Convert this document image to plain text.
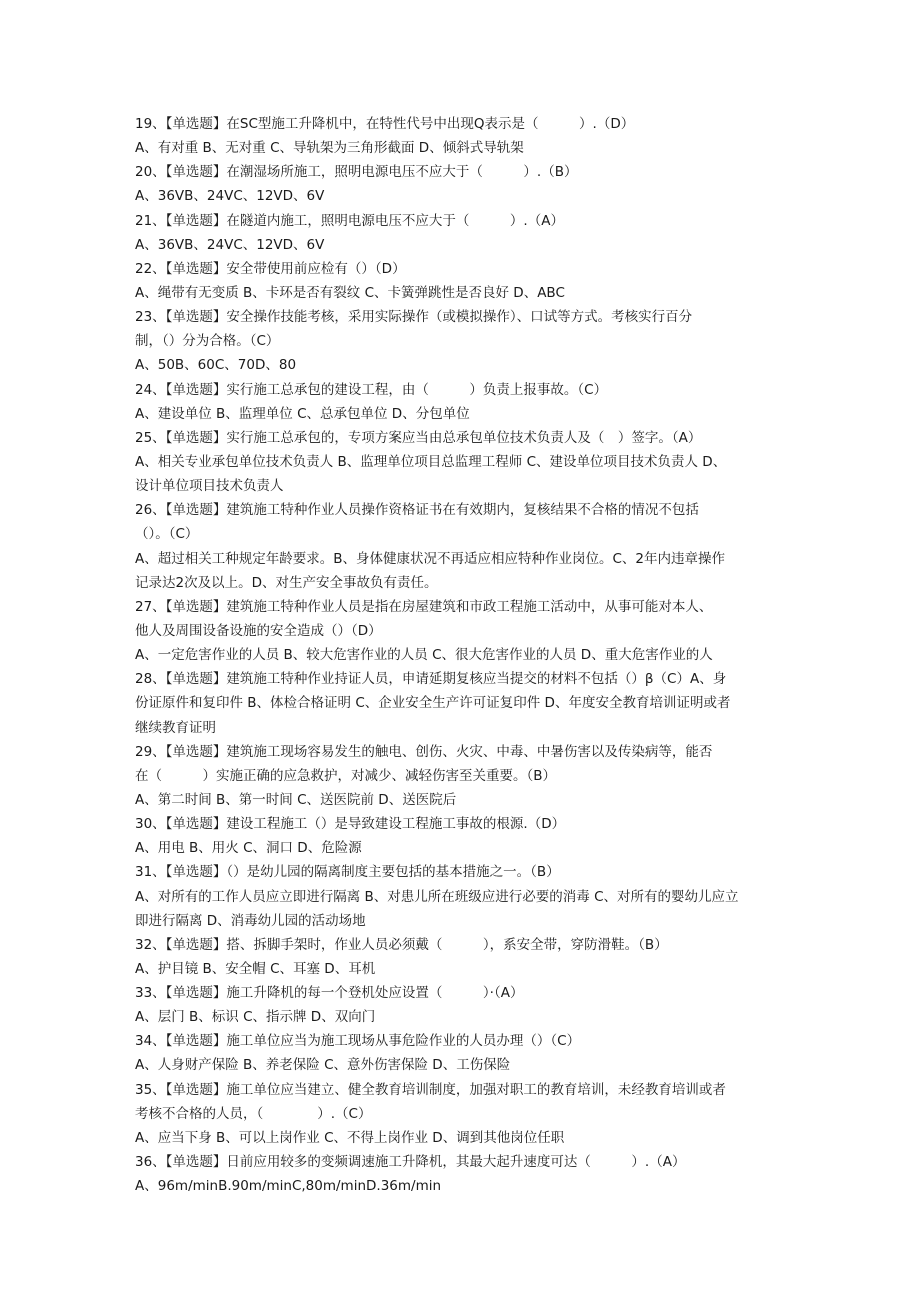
19、【单选题】在SC型施工升降机中，在特性代号中出现Q表示是（　　　）.（D）
A、有对重 B、无对重 C、导轨架为三角形截面 D、倾斜式导轨架
20、【单选题】在潮湿场所施工，照明电源电压不应大于（　　　）.（B）
A、36VB、24VC、12VD、6V
21、【单选题】在隧道内施工，照明电源电压不应大于（　　　）.（A）
A、36VB、24VC、12VD、6V
22、【单选题】安全带使用前应检有（）（D）
A、绳带有无变质 B、卡环是否有裂纹 C、卡簧弹跳性是否良好 D、ABC
23、【单选题】安全操作技能考核，采用实际操作（或模拟操作）、口试等方式。考核实行百分
制，（）分为合格。（C）
A、50B、60C、70D、80
24、【单选题】实行施工总承包的建设工程，由（　　　）负责上报事故。（C）
A、建设单位 B、监理单位 C、总承包单位 D、分包单位
25、【单选题】实行施工总承包的，专项方案应当由总承包单位技术负责人及（　）签字。（A）
A、相关专业承包单位技术负责人 B、监理单位项目总监理工程师 C、建设单位项目技术负责人 D、
设计单位项目技术负责人
26、【单选题】建筑施工特种作业人员操作资格证书在有效期内，复核结果不合格的情况不包括
（）。（C）
A、超过相关工种规定年龄要求。B、身体健康状况不再适应相应特种作业岗位。C、2年内违章操作
记录达2次及以上。D、对生产安全事故负有责任。
27、【单选题】建筑施工特种作业人员是指在房屋建筑和市政工程施工活动中，从事可能对本人、
他人及周围设备设施的安全造成（）（D）
A、一定危害作业的人员 B、较大危害作业的人员 C、很大危害作业的人员 D、重大危害作业的人
28、【单选题】建筑施工特种作业持证人员，申请延期复核应当提交的材料不包括（）β（C）A、身
份证原件和复印件 B、体检合格证明 C、企业安全生产许可证复印件 D、年度安全教育培训证明或者
继续教育证明
29、【单选题】建筑施工现场容易发生的触电、创伤、火灾、中毒、中暑伤害以及传染病等，能否
在（　　　）实施正确的应急救护，对减少、减轻伤害至关重要。（B）
A、第二时间 B、第一时间 C、送医院前 D、送医院后
30、【单选题】建设工程施工（）是导致建设工程施工事故的根源.（D）
A、用电 B、用火 C、洞口 D、危险源
31、【单选题】（）是幼儿园的隔离制度主要包括的基本措施之一。（B）
A、对所有的工作人员应立即进行隔离 B、对患儿所在班级应进行必要的消毒 C、对所有的婴幼儿应立
即进行隔离 D、消毒幼儿园的活动场地
32、【单选题】搭、拆脚手架时，作业人员必须戴（　　　），系安全带，穿防滑鞋。（B）
A、护目镜 B、安全帽 C、耳塞 D、耳机
33、【单选题】施工升降机的每一个登机处应设置（　　　）·（A）
A、层门 B、标识 C、指示牌 D、双向门
34、【单选题】施工单位应当为施工现场从事危险作业的人员办理（）（C）
A、人身财产保险 B、养老保险 C、意外伤害保险 D、工伤保险
35、【单选题】施工单位应当建立、健全教育培训制度，加强对职工的教育培训，未经教育培训或者
考核不合格的人员，（　　　　）.（C）
A、应当下身 B、可以上岗作业 C、不得上岗作业 D、调到其他岗位任职
36、【单选题】日前应用较多的变频调速施工升降机，其最大起升速度可达（　　　）.（A）
A、96m/minB.90m/minC,80m/minD.36m/min
